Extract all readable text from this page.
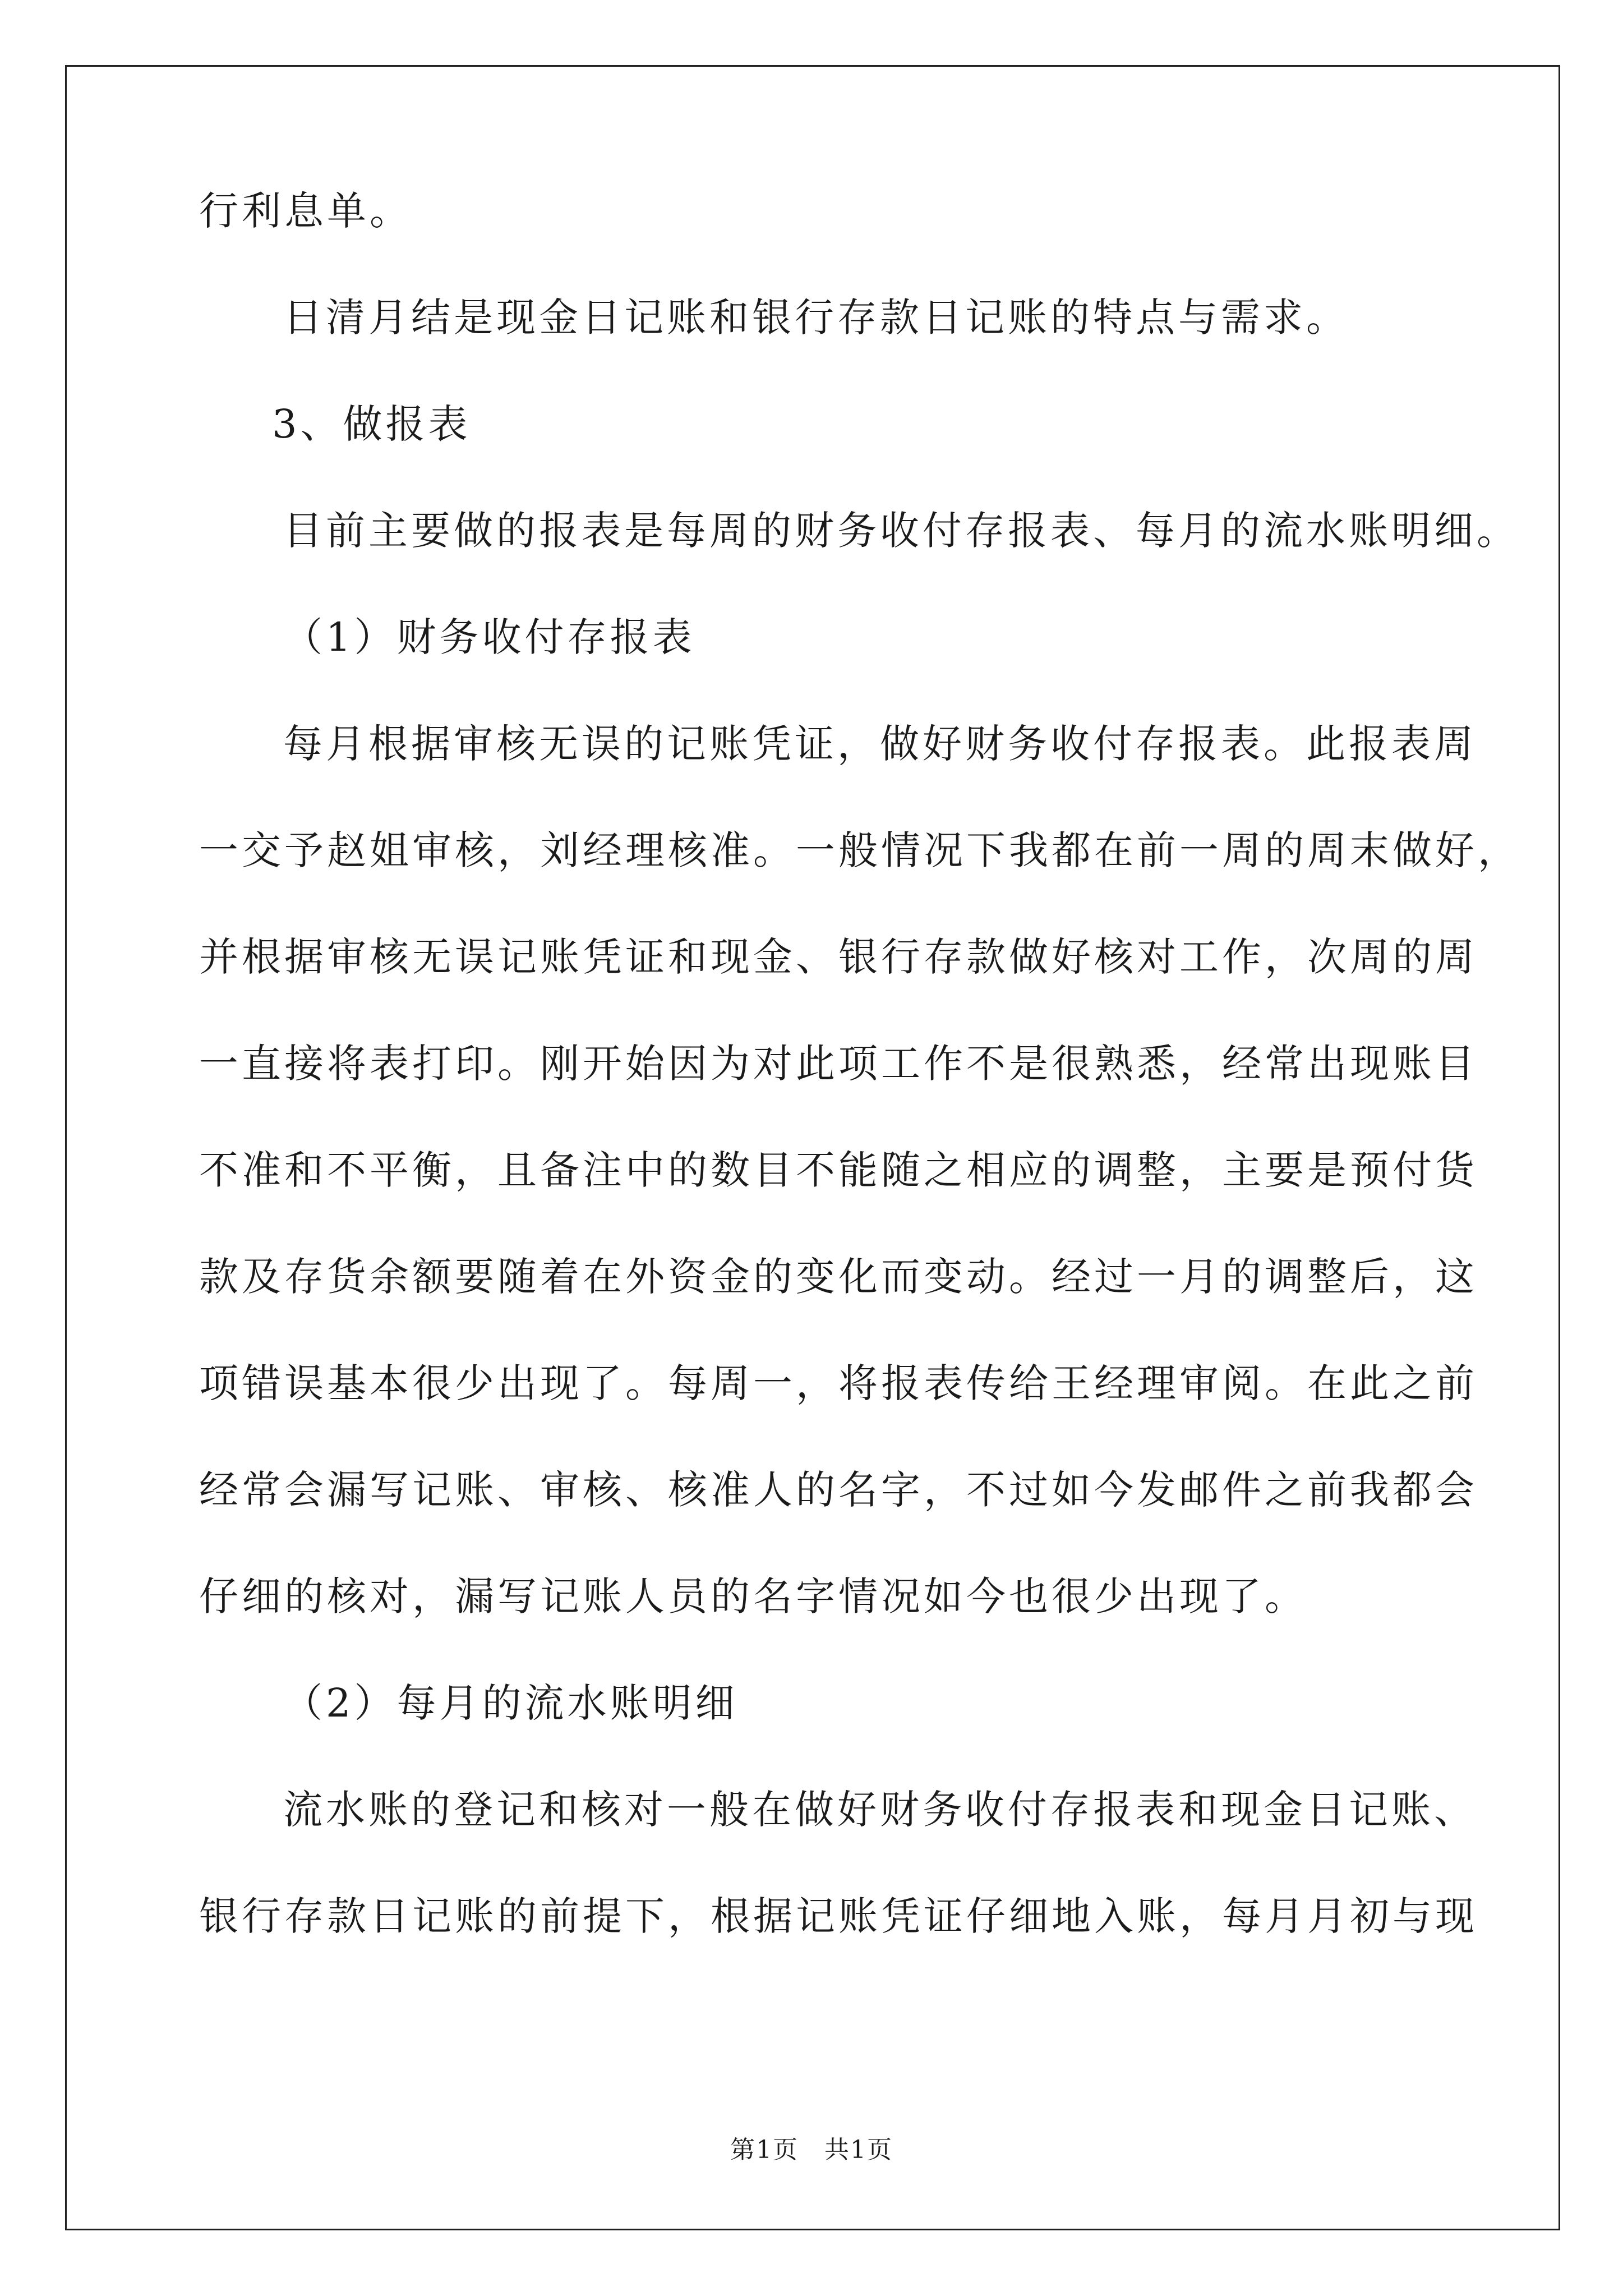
行利息单。
日清月结是现金日记账和银行存款日记账的特点与需求。
3、做报表
目前主要做的报表是每周的财务收付存报表、每月的流水账明细。
（1）财务收付存报表
每月根据审核无误的记账凭证，做好财务收付存报表。此报表周
一交予赵姐审核，刘经理核准。一般情况下我都在前一周的周末做好，
并根据审核无误记账凭证和现金、银行存款做好核对工作，次周的周
一直接将表打印。刚开始因为对此项工作不是很熟悉，经常出现账目
不准和不平衡，且备注中的数目不能随之相应的调整，主要是预付货
款及存货余额要随着在外资金的变化而变动。经过一月的调整后，这
项错误基本很少出现了。每周一，将报表传给王经理审阅。在此之前
经常会漏写记账、审核、核准人的名字，不过如今发邮件之前我都会
仔细的核对，漏写记账人员的名字情况如今也很少出现了。
（2）每月的流水账明细
流水账的登记和核对一般在做好财务收付存报表和现金日记账、
银行存款日记账的前提下，根据记账凭证仔细地入账，每月月初与现
第1页　共1页
